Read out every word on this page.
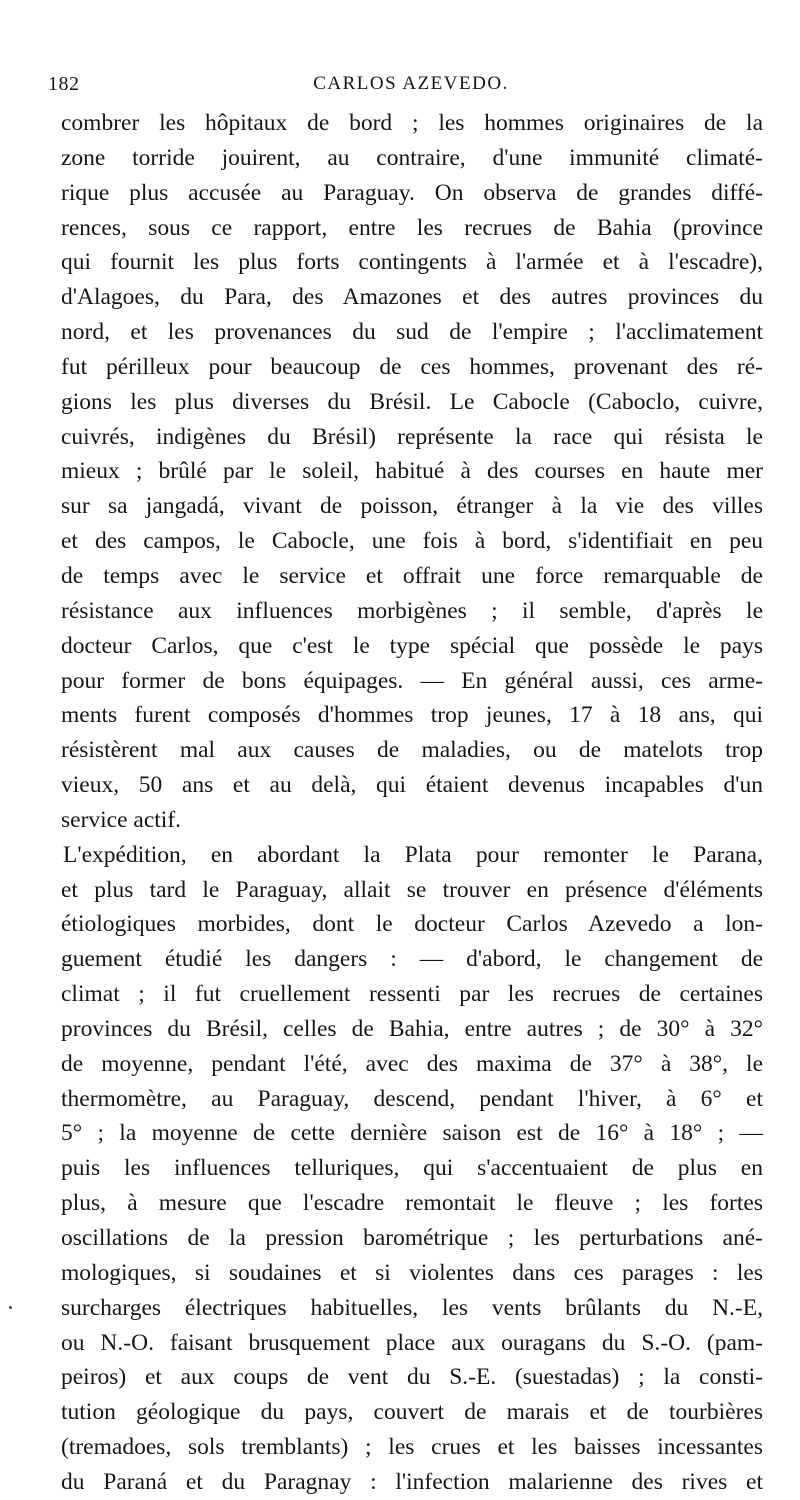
182	CARLOS AZEVEDO.
combrer les hôpitaux de bord ; les hommes originaires de la
zone torride jouirent, au contraire, d'une immunité climaté-
rique plus accusée au Paraguay. On observa de grandes diffé-
rences, sous ce rapport, entre les recrues de Bahia (province
qui fournit les plus forts contingents à l'armée et à l'escadre),
d'Alagoes, du Para, des Amazones et des autres provinces du
nord, et les provenances du sud de l'empire ; l'acclimatement
fut périlleux pour beaucoup de ces hommes, provenant des ré-
gions les plus diverses du Brésil. Le Cabocle (Caboclo, cuivre,
cuivrés, indigènes du Brésil) représente la race qui résista le
mieux ; brûlé par le soleil, habitué à des courses en haute mer
sur sa jangadá, vivant de poisson, étranger à la vie des villes
et des campos, le Cabocle, une fois à bord, s'identifiait en peu
de temps avec le service et offrait une force remarquable de
résistance aux influences morbigènes ; il semble, d'après le
docteur Carlos, que c'est le type spécial que possède le pays
pour former de bons équipages. — En général aussi, ces arme-
ments furent composés d'hommes trop jeunes, 17 à 18 ans, qui
résistèrent mal aux causes de maladies, ou de matelots trop
vieux, 50 ans et au delà, qui étaient devenus incapables d'un
service actif.
L'expédition, en abordant la Plata pour remonter le Parana,
et plus tard le Paraguay, allait se trouver en présence d'éléments
étiologiques morbides, dont le docteur Carlos Azevedo a lon-
guement étudié les dangers : — d'abord, le changement de
climat ; il fut cruellement ressenti par les recrues de certaines
provinces du Brésil, celles de Bahia, entre autres ; de 30° à 32°
de moyenne, pendant l'été, avec des maxima de 37° à 38°, le
thermomètre, au Paraguay, descend, pendant l'hiver, à 6° et
5° ; la moyenne de cette dernière saison est de 16° à 18° ; —
puis les influences telluriques, qui s'accentuaient de plus en
plus, à mesure que l'escadre remontait le fleuve ; les fortes
oscillations de la pression barométrique ; les perturbations ané-
mologiques, si soudaines et si violentes dans ces parages : les
surcharges électriques habituelles, les vents brûlants du N.-E,
ou N.-O. faisant brusquement place aux ouragans du S.-O. (pam-
peiros) et aux coups de vent du S.-E. (suestadas) ; la consti-
tution géologique du pays, couvert de marais et de tourbières
(tremadoes, sols tremblants) ; les crues et les baisses incessantes
du Paraná et du Paragnay : l'infection malarienne des rives et
